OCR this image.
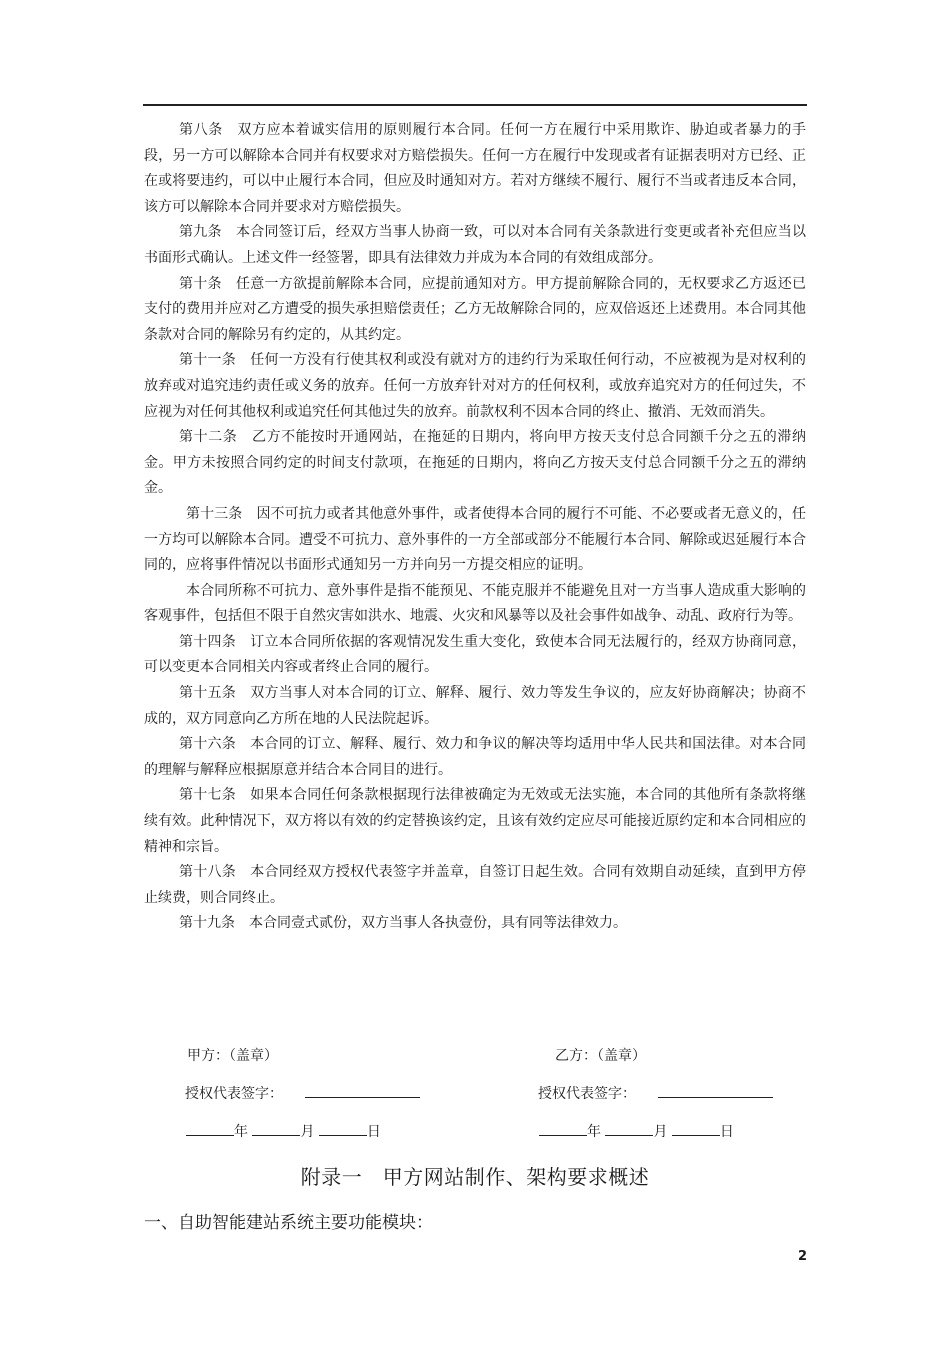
第八条　双方应本着诚实信用的原则履行本合同。任何一方在履行中采用欺诈、胁迫或者暴力的手段，另一方可以解除本合同并有权要求对方赔偿损失。任何一方在履行中发现或者有证据表明对方已经、正在或将要违约，可以中止履行本合同，但应及时通知对方。若对方继续不履行、履行不当或者违反本合同，该方可以解除本合同并要求对方赔偿损失。

第九条　本合同签订后，经双方当事人协商一致，可以对本合同有关条款进行变更或者补充但应当以书面形式确认。上述文件一经签署，即具有法律效力并成为本合同的有效组成部分。

第十条　任意一方欲提前解除本合同，应提前通知对方。甲方提前解除合同的，无权要求乙方返还已支付的费用并应对乙方遭受的损失承担赔偿责任；乙方无故解除合同的，应双倍返还上述费用。本合同其他条款对合同的解除另有约定的，从其约定。

第十一条　任何一方没有行使其权利或没有就对方的违约行为采取任何行动，不应被视为是对权利的放弃或对追究违约责任或义务的放弃。任何一方放弃针对对方的任何权利，或放弃追究对方的任何过失，不应视为对任何其他权利或追究任何其他过失的放弃。前款权利不因本合同的终止、撤消、无效而消失。

第十二条　乙方不能按时开通网站，在拖延的日期内，将向甲方按天支付总合同额千分之五的滞纳金。甲方未按照合同约定的时间支付款项，在拖延的日期内，将向乙方按天支付总合同额千分之五的滞纳金。

第十三条　因不可抗力或者其他意外事件，或者使得本合同的履行不可能、不必要或者无意义的，任一方均可以解除本合同。遭受不可抗力、意外事件的一方全部或部分不能履行本合同、解除或迟延履行本合同的，应将事件情况以书面形式通知另一方并向另一方提交相应的证明。

本合同所称不可抗力、意外事件是指不能预见、不能克服并不能避免且对一方当事人造成重大影响的客观事件，包括但不限于自然灾害如洪水、地震、火灾和风暴等以及社会事件如战争、动乱、政府行为等。

第十四条　订立本合同所依据的客观情况发生重大变化，致使本合同无法履行的，经双方协商同意，可以变更本合同相关内容或者终止合同的履行。

第十五条　双方当事人对本合同的订立、解释、履行、效力等发生争议的，应友好协商解决；协商不成的，双方同意向乙方所在地的人民法院起诉。

第十六条　本合同的订立、解释、履行、效力和争议的解决等均适用中华人民共和国法律。对本合同的理解与解释应根据原意并结合本合同目的进行。

第十七条　如果本合同任何条款根据现行法律被确定为无效或无法实施，本合同的其他所有条款将继续有效。此种情况下，双方将以有效的约定替换该约定，且该有效约定应尽可能接近原约定和本合同相应的精神和宗旨。

第十八条　本合同经双方授权代表签字并盖章，自签订日起生效。合同有效期自动延续，直到甲方停止续费，则合同终止。

第十九条　本合同壹式贰份，双方当事人各执壹份，具有同等法律效力。

甲方：（盖章）	乙方：（盖章）
授权代表签字：	授权代表签字：
年	月	日	年	月	日
附录一　甲方网站制作、架构要求概述
一、自助智能建站系统主要功能模块：
2
